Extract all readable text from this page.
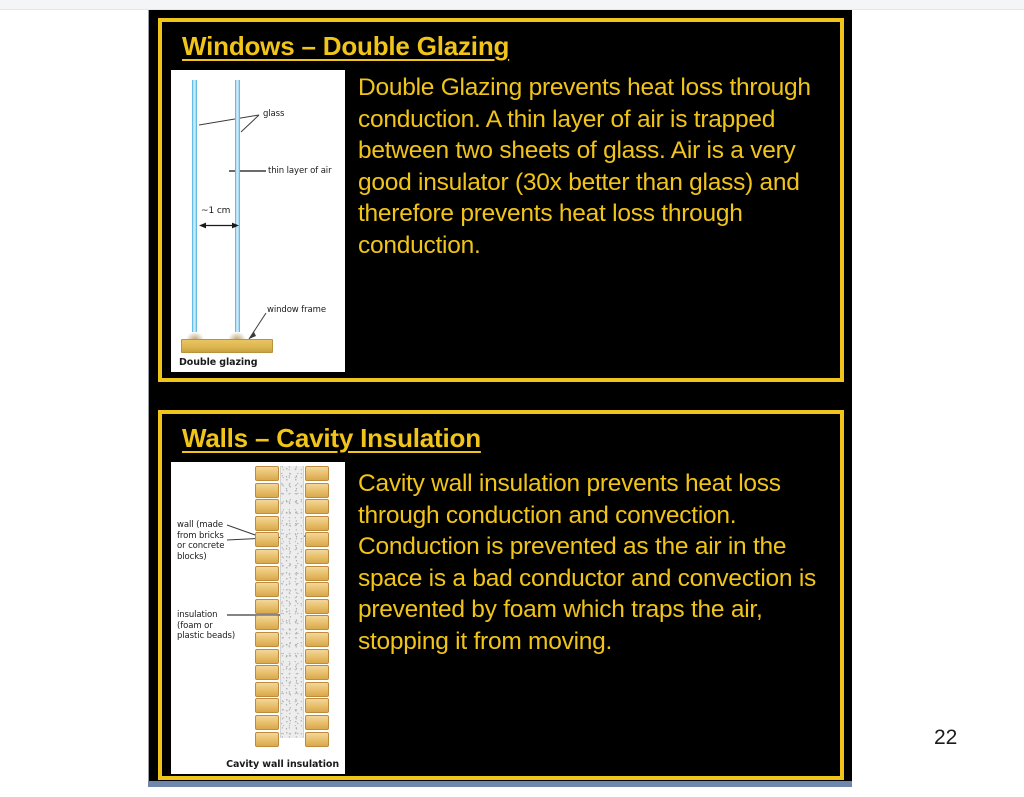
Windows – Double Glazing
glass
thin layer of air
window frame
~1 cm
Double glazing

Double Glazing prevents heat loss through conduction. A thin layer of air is trapped between two sheets of glass. Air is a very good insulator (30x better than glass) and therefore prevents heat loss through conduction.

Walls – Cavity Insulation
wall (made
from bricks
or concrete
blocks)
insulation
(foam or
plastic beads)
Cavity wall insulation

Cavity wall insulation prevents heat loss through conduction and convection. Conduction is prevented as the air in the space is a bad conductor and convection is prevented by foam which traps the air, stopping it from moving.

22
